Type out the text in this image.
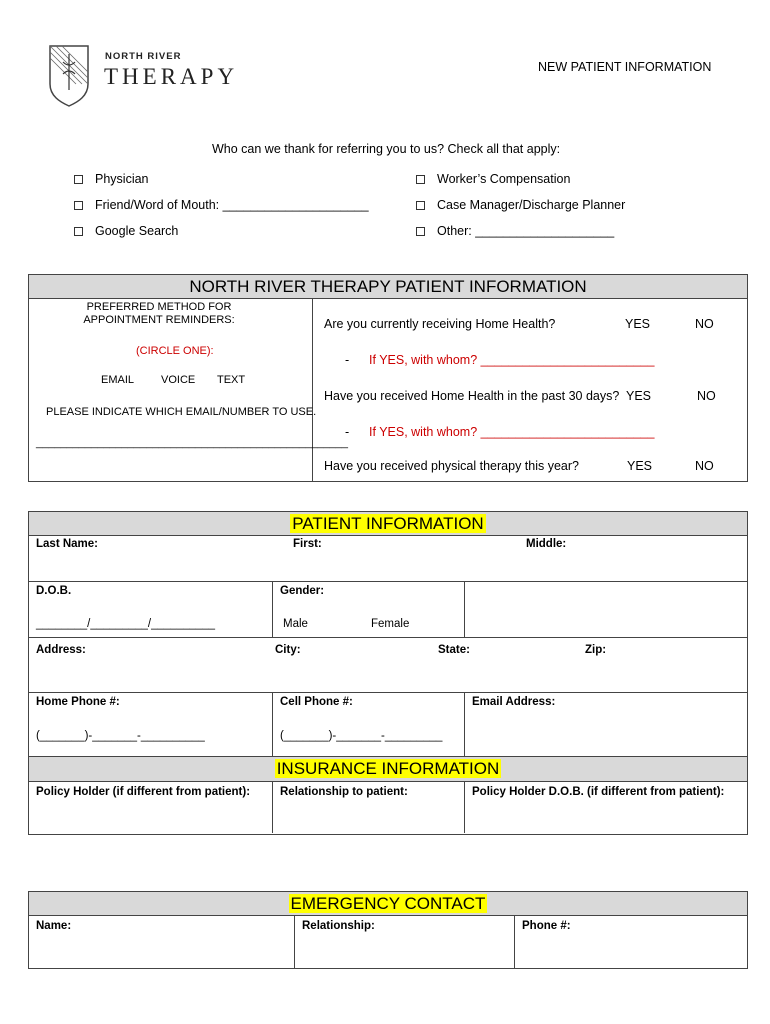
NORTH RIVER
THERAPY	NEW PATIENT INFORMATION
Who can we thank for referring you to us? Check all that apply:
Physician
Friend/Word of Mouth: _____________________
Google Search
Worker’s Compensation
Case Manager/Discharge Planner
Other: ____________________
NORTH RIVER THERAPY PATIENT INFORMATION
PREFERRED METHOD FOR APPOINTMENT REMINDERS:
(CIRCLE ONE):
EMAIL VOICE TEXT
PLEASE INDICATE WHICH EMAIL/NUMBER TO USE.
___________________________________________________
Are you currently receiving Home Health?	YES	NO
- If YES, with whom? _________________________
Have you received Home Health in the past 30 days? YES	NO
- If YES, with whom? _________________________
Have you received physical therapy this year?	YES	NO
PATIENT INFORMATION
Last Name:	First:	Middle:
D.O.B.
________/_________/__________
Gender:
Male	Female
Address:	City:	State:	Zip:
Home Phone #:
(_______)-_______-__________
Cell Phone #:
(_______)-_______-_________
Email Address:
INSURANCE INFORMATION
Policy Holder (if different from patient):	Relationship to patient:	Policy Holder D.O.B. (if different from patient):
EMERGENCY CONTACT
Name:	Relationship:	Phone #:
